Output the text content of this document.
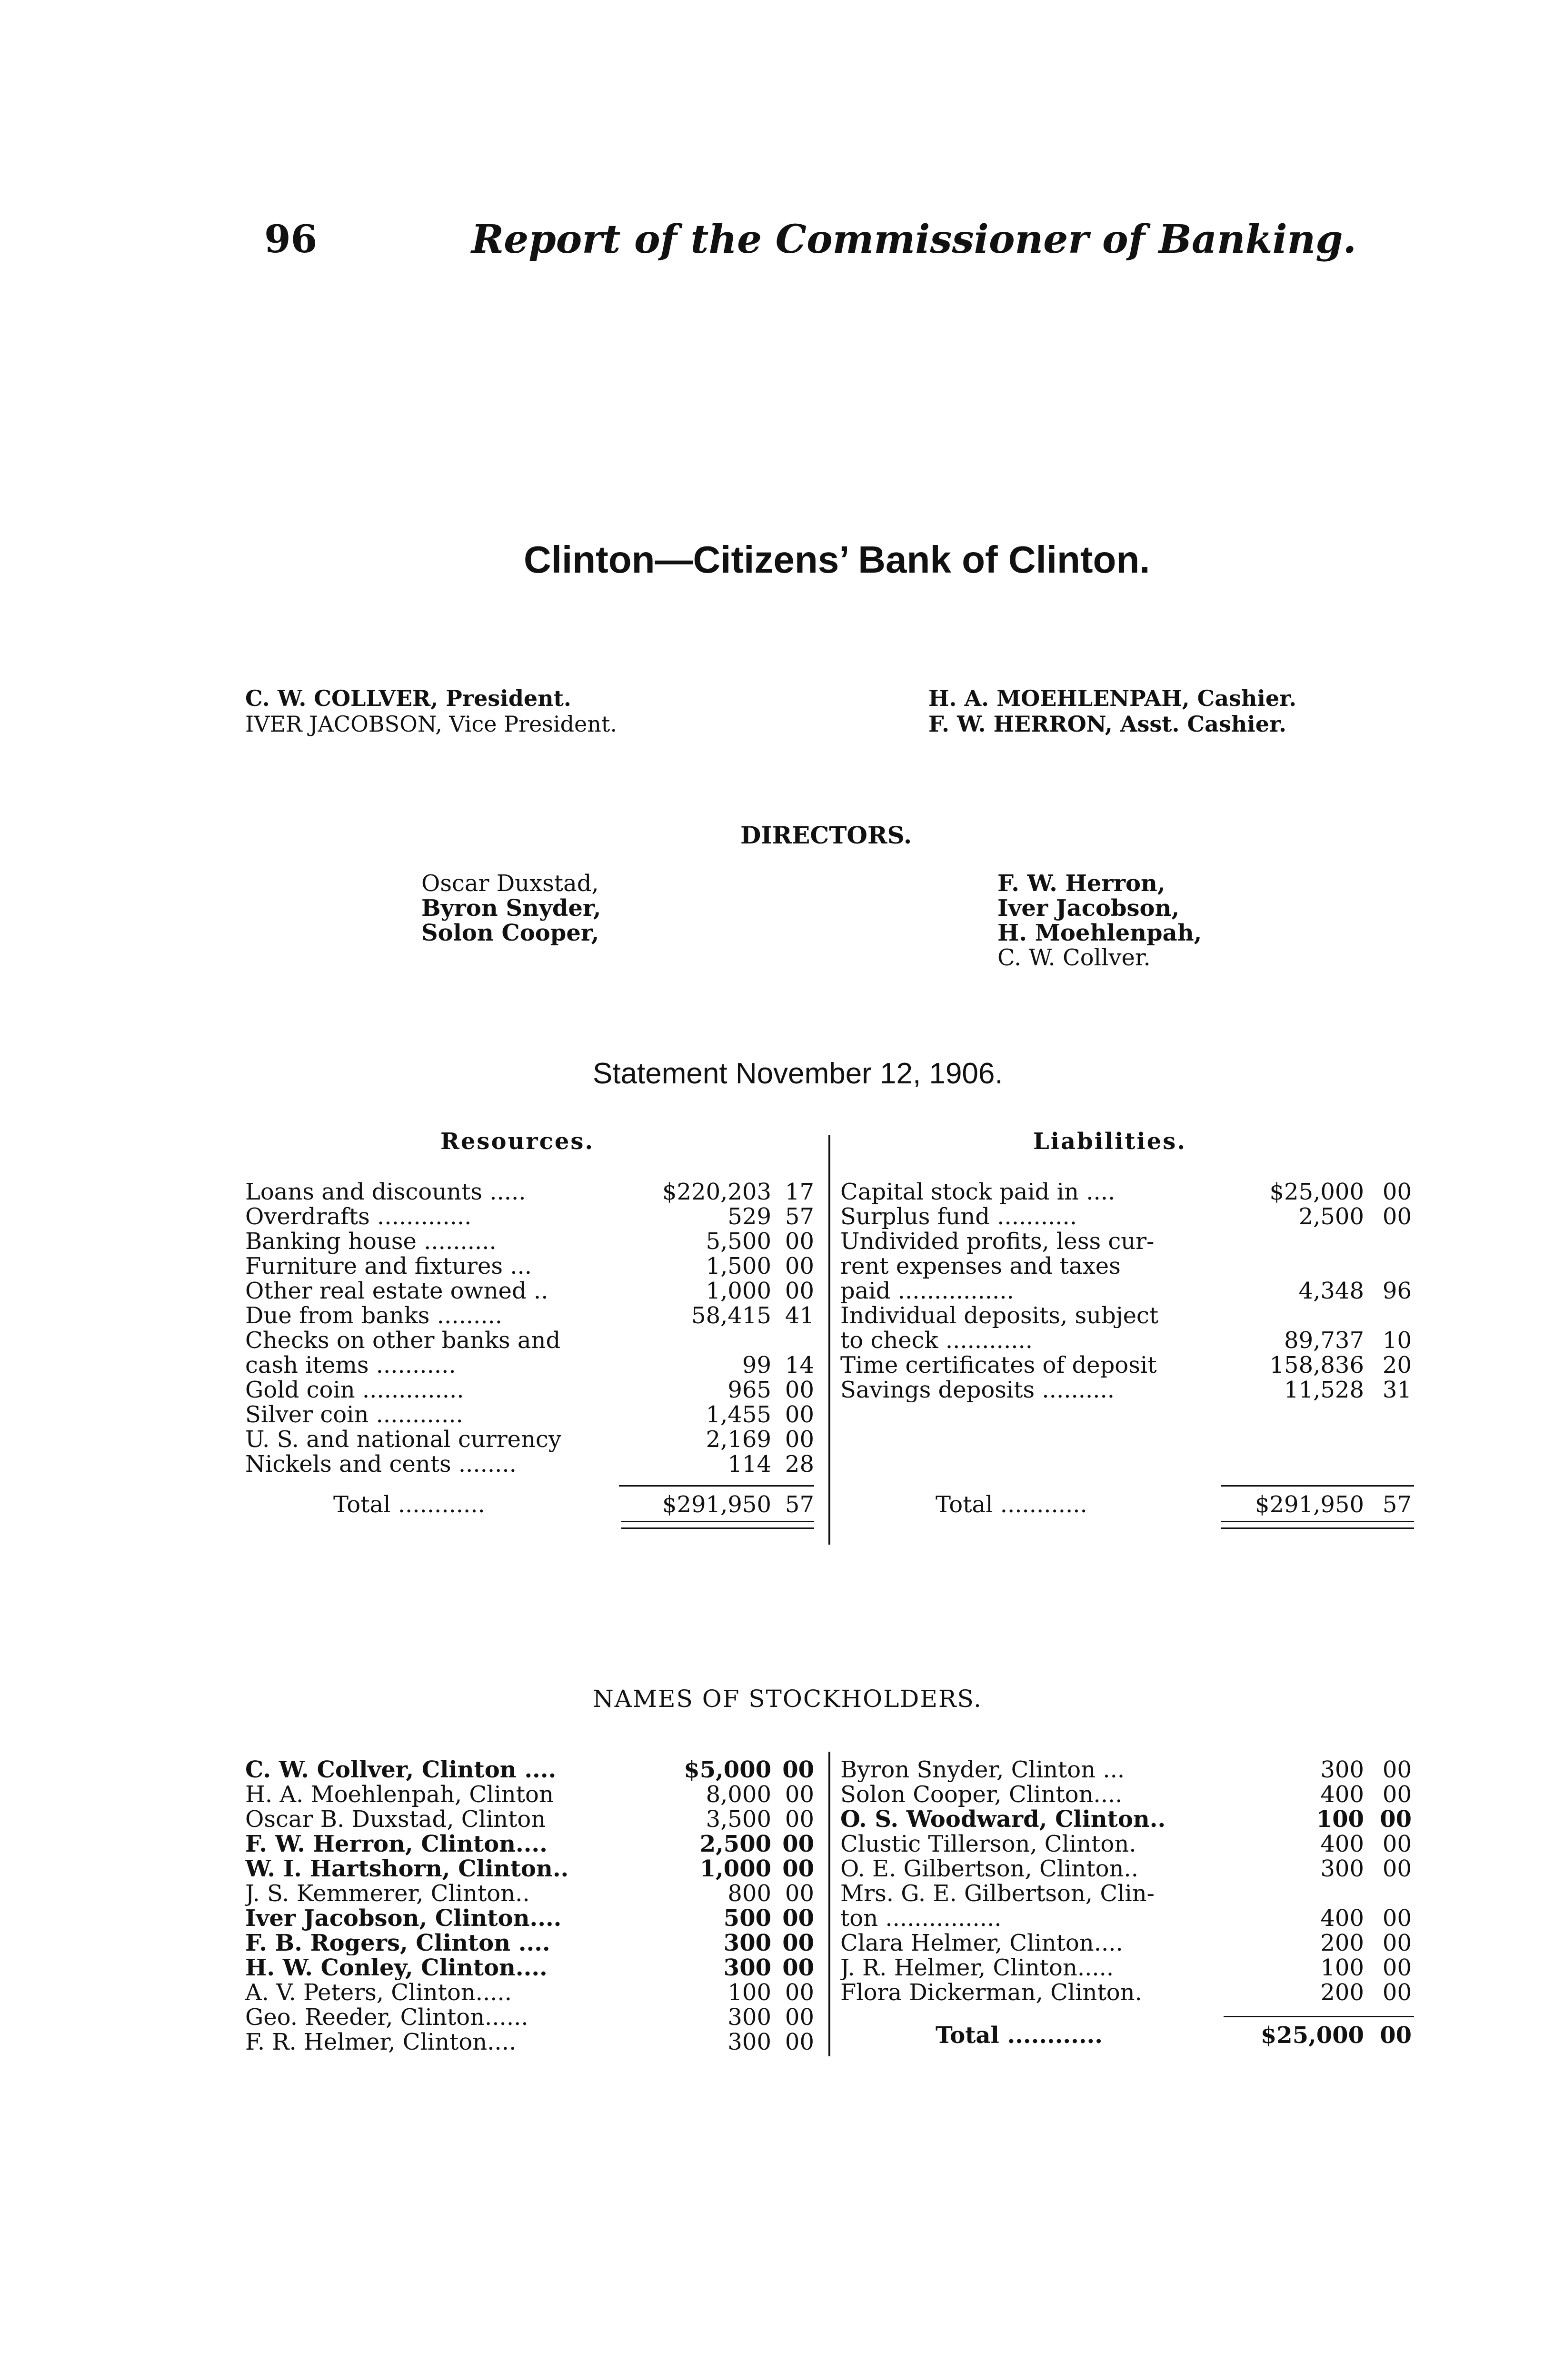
96	Report of the Commissioner of Banking.
Clinton—Citizens’ Bank of Clinton.
C. W. COLLVER, President.
IVER JACOBSON, Vice President.
H. A. MOEHLENPAH, Cashier.
F. W. HERRON, Asst. Cashier.
DIRECTORS.
Oscar Duxstad,
Byron Snyder,
Solon Cooper,
F. W. Herron,
Iver Jacobson,
H. Moehlenpah,
C. W. Collver.
Statement November 12, 1906.
Resources.	Liabilities.
Loans and discounts .....	$220,203 17
Overdrafts .............	529 57
Banking house ..........	5,500 00
Furniture and fixtures ...	1,500 00
Other real estate owned ..	1,000 00
Due from banks .........	58,415 41
Checks on other banks and
cash items ...........	99 14
Gold coin ..............	965 00
Silver coin ............	1,455 00
U. S. and national currency	2,169 00
Nickels and cents ........	114 28
Capital stock paid in ....	$25,000 00
Surplus fund ...........	2,500 00
Undivided profits, less cur-
rent expenses and taxes
paid ................	4,348 96
Individual deposits, subject
to check ............	89,737 10
Time certificates of deposit	158,836 20
Savings deposits ..........	11,528 31
Total ............	$291,950 57	Total ............	$291,950 57
NAMES OF STOCKHOLDERS.
C. W. Collver, Clinton ....	$5,000 00
H. A. Moehlenpah, Clinton	8,000 00
Oscar B. Duxstad, Clinton	3,500 00
F. W. Herron, Clinton....	2,500 00
W. I. Hartshorn, Clinton..	1,000 00
J. S. Kemmerer, Clinton..	800 00
Iver Jacobson, Clinton....	500 00
F. B. Rogers, Clinton ....	300 00
H. W. Conley, Clinton....	300 00
A. V. Peters, Clinton.....	100 00
Geo. Reeder, Clinton......	300 00
F. R. Helmer, Clinton....	300 00
Byron Snyder, Clinton ...	300 00
Solon Cooper, Clinton....	400 00
O. S. Woodward, Clinton..	100 00
Clustic Tillerson, Clinton.	400 00
O. E. Gilbertson, Clinton..	300 00
Mrs. G. E. Gilbertson, Clin-
ton ................	400 00
Clara Helmer, Clinton....	200 00
J. R. Helmer, Clinton.....	100 00
Flora Dickerman, Clinton.	200 00
Total ............	$25,000 00
